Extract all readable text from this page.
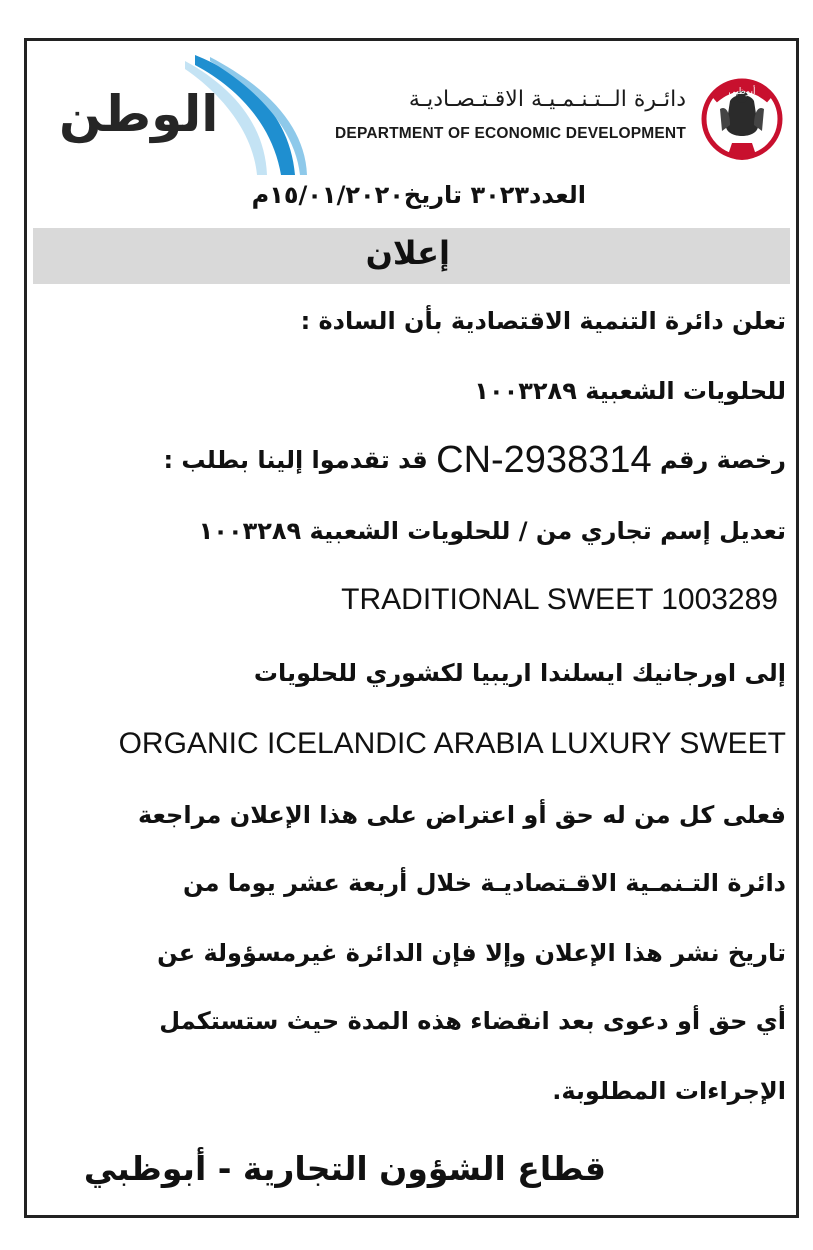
الوطن	دائـرة الــتـنـمـيـة الاقـتـصـاديـة
DEPARTMENT OF ECONOMIC DEVELOPMENT
أبوظبي
العدد٣٠٢٣ تاريخ١٥/٠١/٢٠٢٠م
إعلان
تعلن دائرة التنمية الاقتصادية بأن السادة :
للحلويات الشعبية ١٠٠٣٢٨٩
رخصة رقم CN-2938314 قد تقدموا إلينا بطلب :
تعديل إسم تجاري من / للحلويات الشعبية ١٠٠٣٢٨٩
TRADITIONAL SWEET 1003289
إلى اورجانيك ايسلندا اريبيا لكشوري للحلويات
ORGANIC ICELANDIC ARABIA LUXURY SWEET
فعلى كل من له حق أو اعتراض على هذا الإعلان مراجعة
دائرة التـنمـية الاقـتصاديـة خلال أربعة عشر يوما من
تاريخ نشر هذا الإعلان وإلا فإن الدائرة غيرمسؤولة عن
أي حق أو دعوى بعد انقضاء هذه المدة حيث ستستكمل
الإجراءات المطلوبة.
قطاع الشؤون التجارية - أبوظبي
